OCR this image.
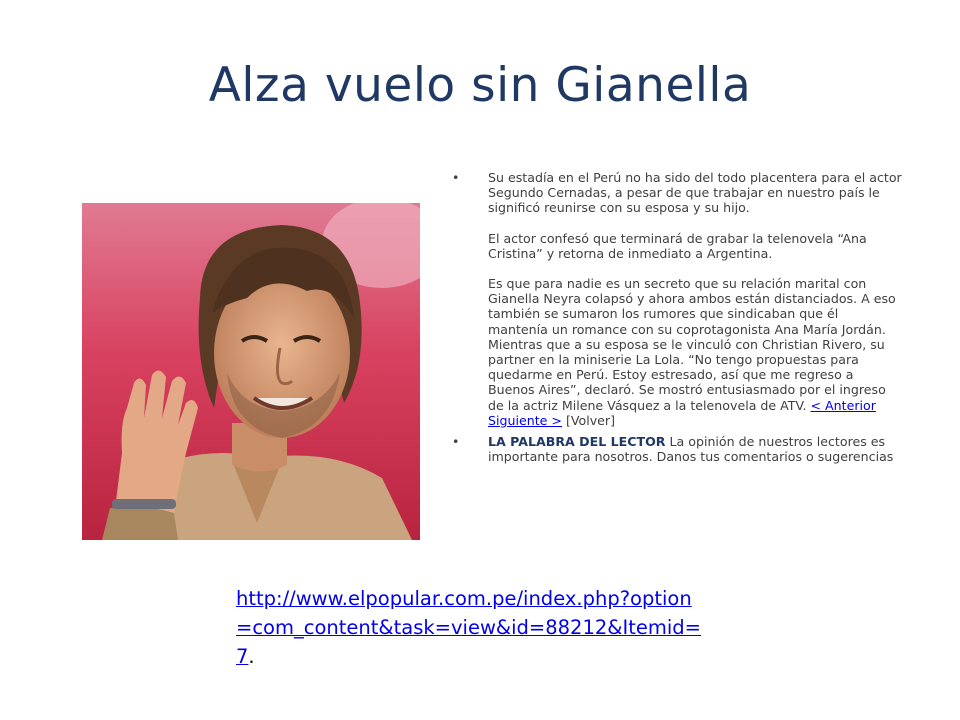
Alza vuelo sin Gianella
• Su estadía en el Perú no ha sido del todo placentera para el actor Segundo Cernadas, a pesar de que trabajar en nuestro país le significó reunirse con su esposa y su hijo.
El actor confesó que terminará de grabar la telenovela “Ana Cristina” y retorna de inmediato a Argentina.
Es que para nadie es un secreto que su relación marital con Gianella Neyra colapsó y ahora ambos están distanciados. A eso también se sumaron los rumores que sindicaban que él mantenía un romance con su coprotagonista Ana María Jordán. Mientras que a su esposa se le vinculó con Christian Rivero, su partner en la miniserie La Lola. “No tengo propuestas para quedarme en Perú. Estoy estresado, así que me regreso a Buenos Aires”, declaró. Se mostró entusiasmado por el ingreso de la actriz Milene Vásquez a la telenovela de ATV. < Anterior Siguiente > [Volver]
• LA PALABRA DEL LECTOR La opinión de nuestros lectores es importante para nosotros. Danos tus comentarios o sugerencias
http://www.elpopular.com.pe/index.php?option=com_content&task=view&id=88212&Itemid=7.
